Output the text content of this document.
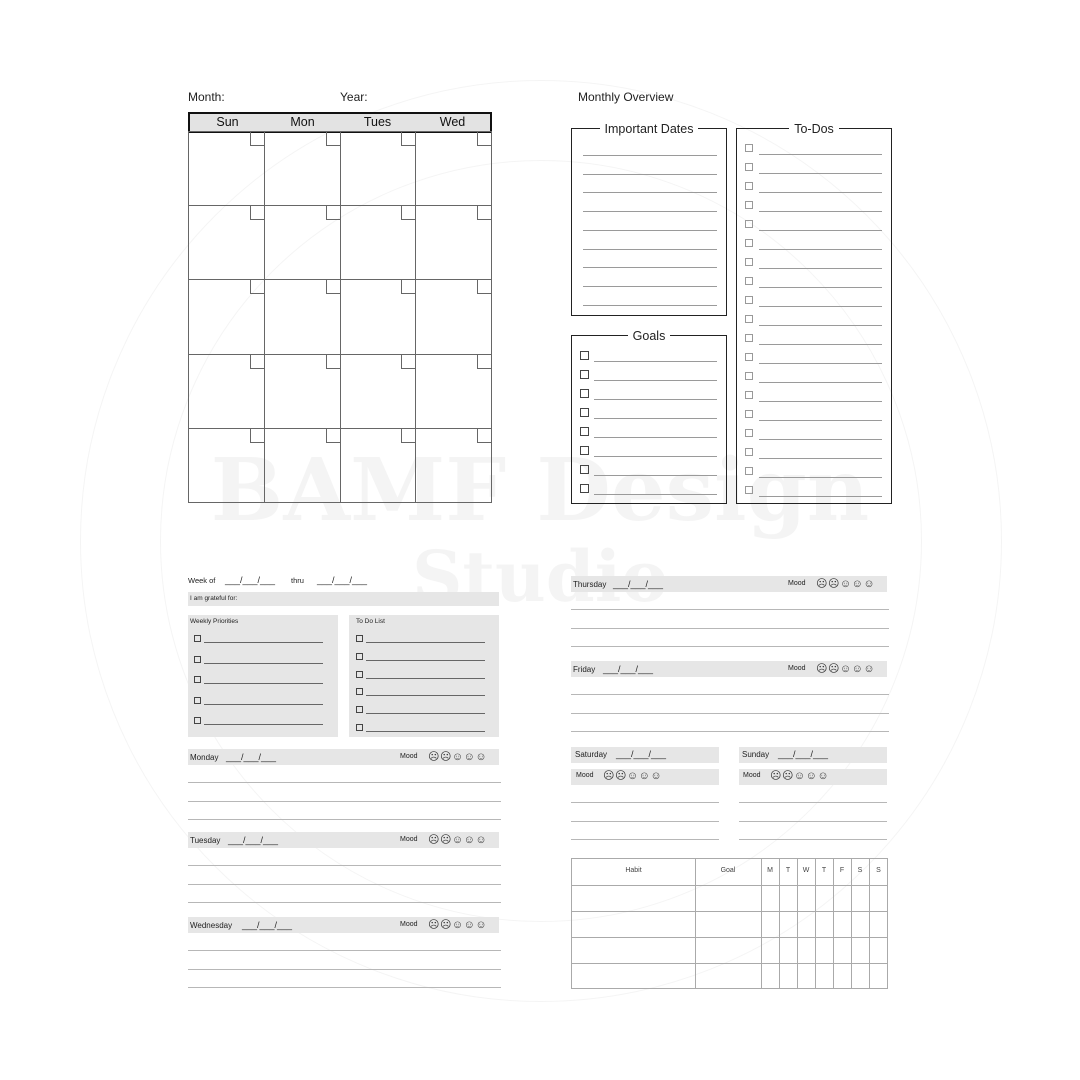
Month:	Year:
Sun	Mon	Tues	Wed
Monthly Overview
Important Dates	To-Dos
Goals
Week of ___/___/___ thru ___/___/___
I am grateful for:
Weekly Priorities	To Do List
Monday ___/___/___	Mood ☹☹☺☺☺
Tuesday ___/___/___	Mood ☹☹☺☺☺
Wednesday ___/___/___	Mood ☹☹☺☺☺
Thursday ___/___/___	Mood ☹☹☺☺☺
Friday ___/___/___	Mood ☹☹☺☺☺
Saturday ___/___/___
Mood ☹☹☺☺☺
Sunday ___/___/___
Mood ☹☹☺☺☺
Habit	Goal	M	T	W	T	F	S	S
